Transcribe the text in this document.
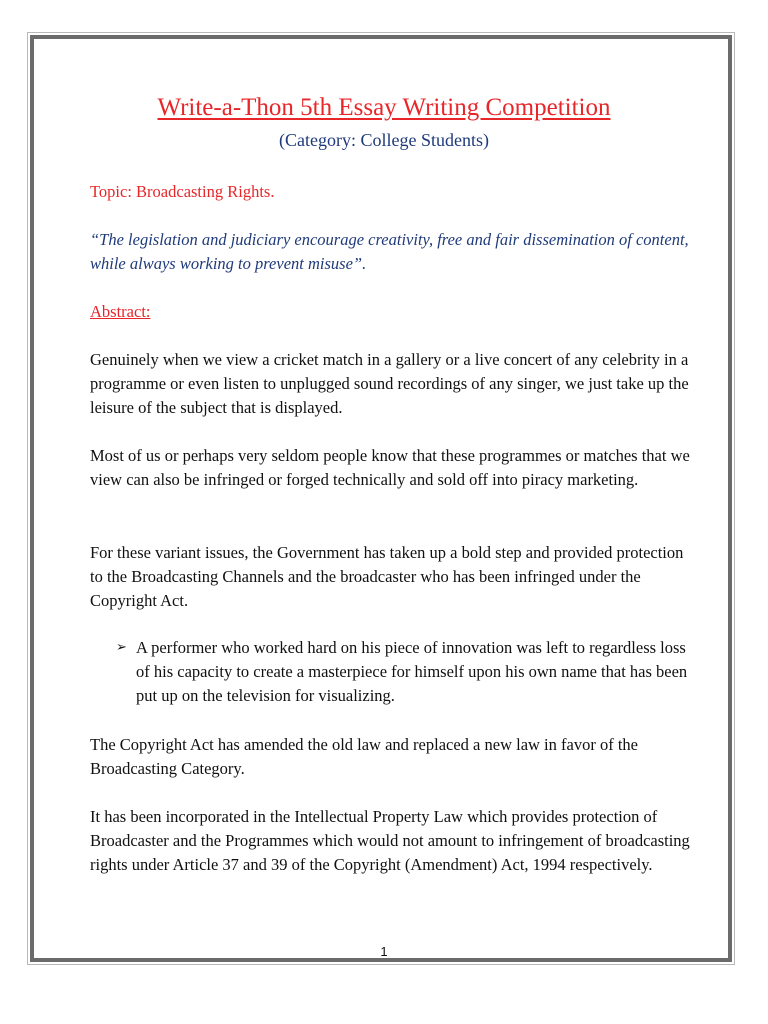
Write-a-Thon 5th Essay Writing Competition
(Category: College Students)
Topic: Broadcasting Rights.
“The legislation and judiciary encourage creativity, free and fair dissemination of content, while always working to prevent misuse”.
Abstract:
Genuinely when we view a cricket match in a gallery or a live concert of any celebrity in a programme or even listen to unplugged sound recordings of any singer, we just take up the leisure of the subject that is displayed.
Most of us or perhaps very seldom people know that these programmes or matches that we view can also be infringed or forged technically and sold off into piracy marketing.
For these variant issues, the Government has taken up a bold step and provided protection to the Broadcasting Channels and the broadcaster who has been infringed under the Copyright Act.
➢ A performer who worked hard on his piece of innovation was left to regardless loss of his capacity to create a masterpiece for himself upon his own name that has been put up on the television for visualizing.
The Copyright Act has amended the old law and replaced a new law in favor of the Broadcasting Category.
It has been incorporated in the Intellectual Property Law which provides protection of Broadcaster and the Programmes which would not amount to infringement of broadcasting rights under Article 37 and 39 of the Copyright (Amendment) Act, 1994 respectively.
1
